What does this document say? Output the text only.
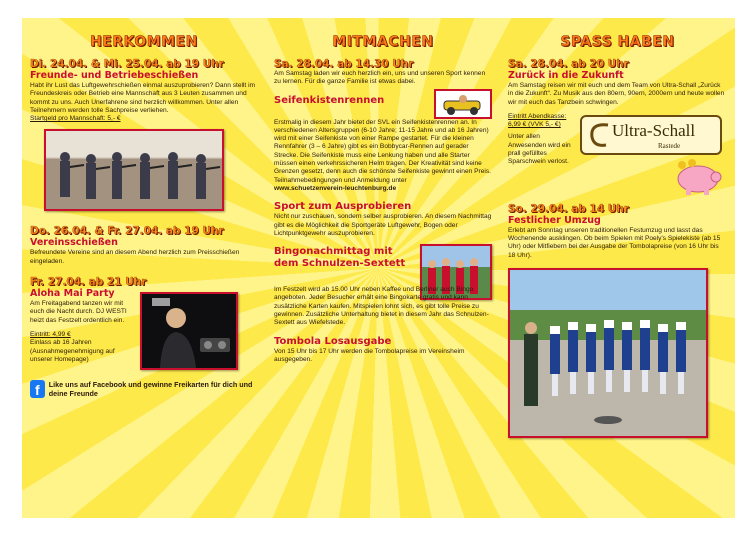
HERKOMMEN
Di. 24.04. & Mi. 25.04. ab 19 Uhr
Freunde- und Betriebeschießen
Habt ihr Lust das Luftgewehrschießen einmal auszuprobieren? Dann stellt im Freundeskreis oder Betrieb eine Mannschaft aus 3 Leuten zusammen und kommt zu uns. Auch Unerfahrene sind herzlich willkommen. Unter allen Teilnehmern werden tolle Sachpreise verliehen.
Startgeld pro Mannschaft: 5,- €
Do. 26.04. & Fr. 27.04. ab 19 Uhr
Vereinsschießen
Befreundete Vereine sind an diesem Abend herzlich zum Preisschießen eingeladen.
Fr. 27.04. ab 21 Uhr
Aloha Mai Party
Am Freitagabend tanzen wir mit euch die Nacht durch. DJ WESTI heizt das Festzelt ordentlich ein.
Eintritt: 4,99 €
Einlass ab 16 Jahren (Ausnahmegenehmigung auf unserer Homepage)
f	Like uns auf Facebook und gewinne Freikarten für dich und deine Freunde
MITMACHEN
Sa. 28.04. ab 14.30 Uhr
Am Samstag laden wir euch herzlich ein, uns und unseren Sport kennen zu lernen. Für die ganze Familie ist etwas dabei.
Seifenkistenrennen
Erstmalig in diesem Jahr bietet der SVL ein Seifenkistenrennen an. In verschiedenen Altersgruppen (6-10 Jahre; 11-15 Jahre und ab 16 Jahren) wird mit einer Seifenkiste von einer Rampe gestartet. Für die kleinen Rennfahrer (3 – 6 Jahre) gibt es ein Bobbycar-Rennen auf gerader Strecke. Die Seifenkiste muss eine Lenkung haben und alle Starter müssen einen verkehrssicheren Helm tragen. Der Kreativität sind keine Grenzen gesetzt, denn auch die schönste Seifenkiste gewinnt einen Preis. Teilnahmebedingungen und Anmeldung unter
www.schuetzenverein-leuchtenburg.de
Sport zum Ausprobieren
Nicht nur zuschauen, sondern selber ausprobieren. An diesem Nachmittag gibt es die Möglichkeit die Sportgeräte Luftgewehr, Bogen oder Lichtpunktgewehr auszuprobieren.
Bingonachmittag mit dem Schnulzen-Sextett
Im Festzelt wird ab 15.00 Uhr neben Kaffee und Berliner auch Bingo angeboten. Jeder Besucher erhält eine Bingokarte gratis und kann zusätzliche Karten kaufen. Mitspielen lohnt sich, es gibt tolle Preise zu gewinnen. Zusätzliche Unterhaltung bietet in diesem Jahr das Schnulzen-Sextett aus Wiefelstede.
Tombola Losausgabe
Von 15 Uhr bis 17 Uhr werden die Tombolapreise im Vereinsheim ausgegeben.
SPASS HABEN
Sa. 28.04. ab 20 Uhr
Zurück in die Zukunft
Am Samstag reisen wir mit euch und dem Team von Ultra-Schall „Zurück in die Zukunft“. Zu Musik aus den 80ern, 90ern, 2000ern und heute wollen wir mit euch das Tanzbein schwingen.
Eintritt Abendkasse: 6,99 € (VVK 5,- €)
Unter allen Anwesenden wird ein prall gefülltes Sparschwein verlost.
Ultra-Schall
Rastede
So. 29.04. ab 14 Uhr
Festlicher Umzug
Erlebt am Sonntag unseren traditionellen Festumzug und lasst das Wochenende ausklingen. Ob beim Spielen mit Poely's Spielekiste (ab 15 Uhr) oder Mitfiebern bei der Ausgabe der Tombolapreise (von 16 Uhr bis 18 Uhr).
